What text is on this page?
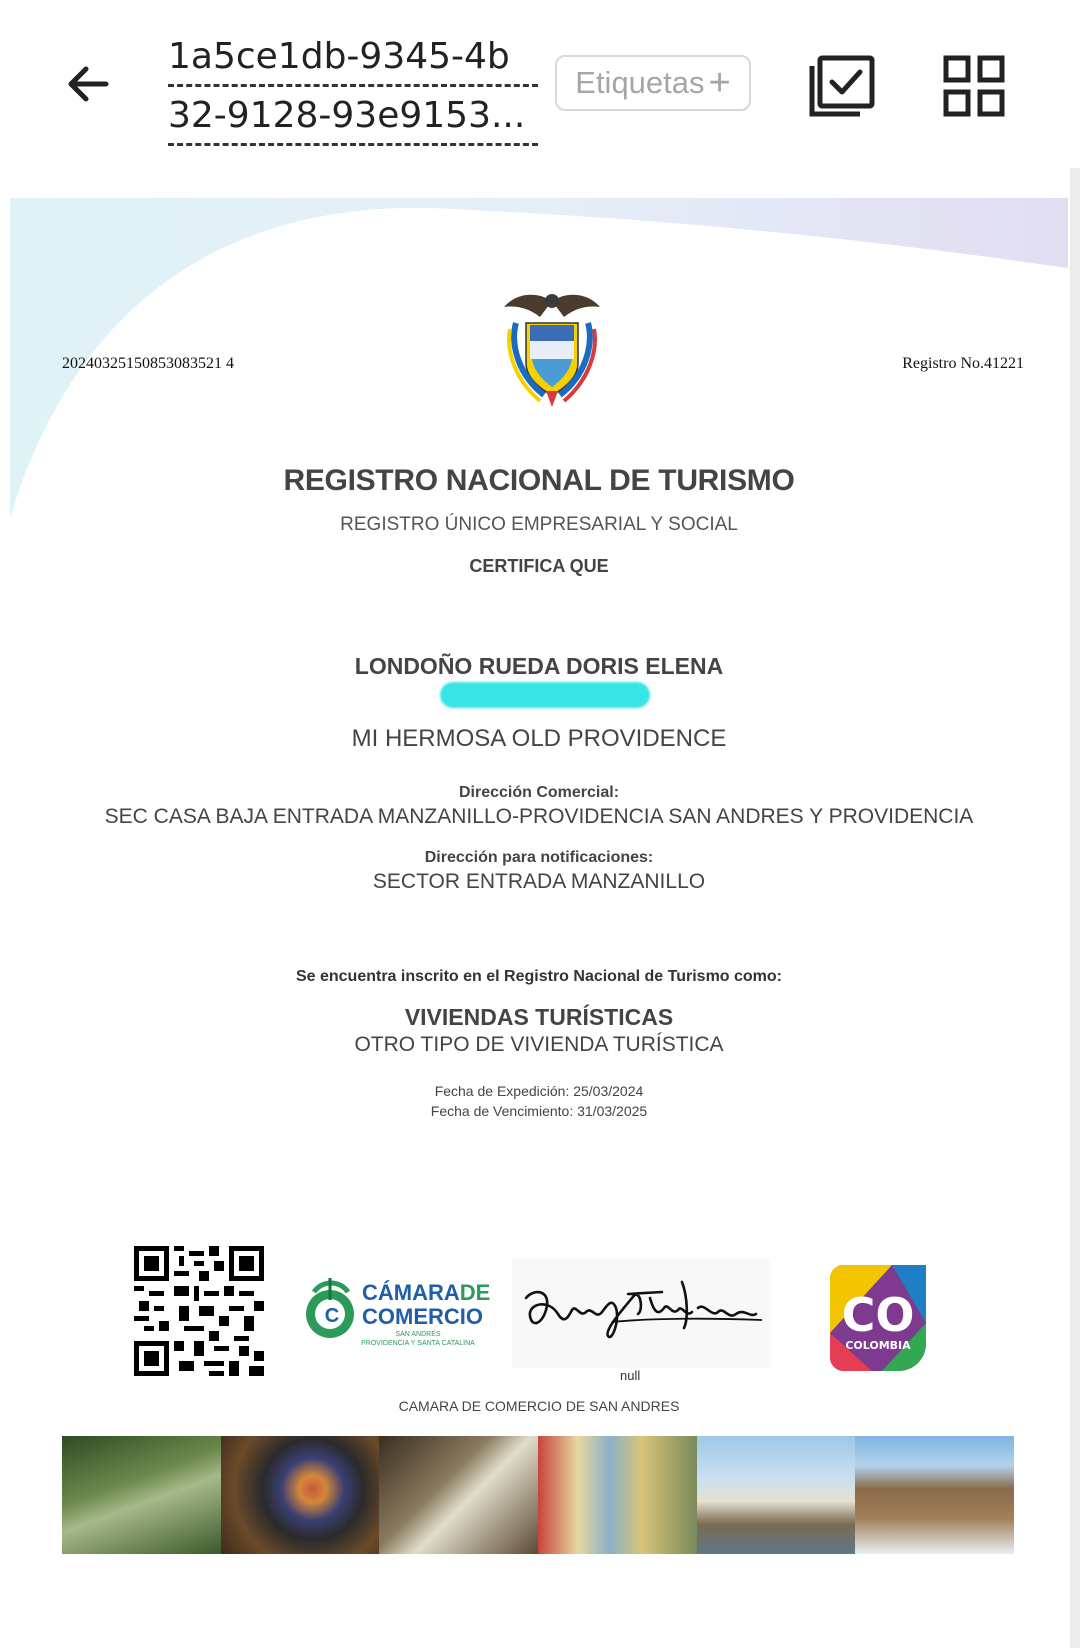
1a5ce1db-9345-4b
32-9128-93e9153...
Etiquetas +
20240325150853083521 4	Registro No.41221
REGISTRO NACIONAL DE TURISMO
REGISTRO ÚNICO EMPRESARIAL Y SOCIAL
CERTIFICA QUE
LONDOÑO RUEDA DORIS ELENA
MI HERMOSA OLD PROVIDENCE
Dirección Comercial:
SEC CASA BAJA ENTRADA MANZANILLO-PROVIDENCIA SAN ANDRES Y PROVIDENCIA
Dirección para notificaciones:
SECTOR ENTRADA MANZANILLO
Se encuentra inscrito en el Registro Nacional de Turismo como:
VIVIENDAS TURÍSTICAS
OTRO TIPO DE VIVIENDA TURÍSTICA
Fecha de Expedición: 25/03/2024
Fecha de Vencimiento: 31/03/2025
C
CÁMARADE
COMERCIO
SAN ANDRÉS
PROVIDENCIA Y SANTA CATALINA
null
CO
COLOMBIA
CAMARA DE COMERCIO DE SAN ANDRES
